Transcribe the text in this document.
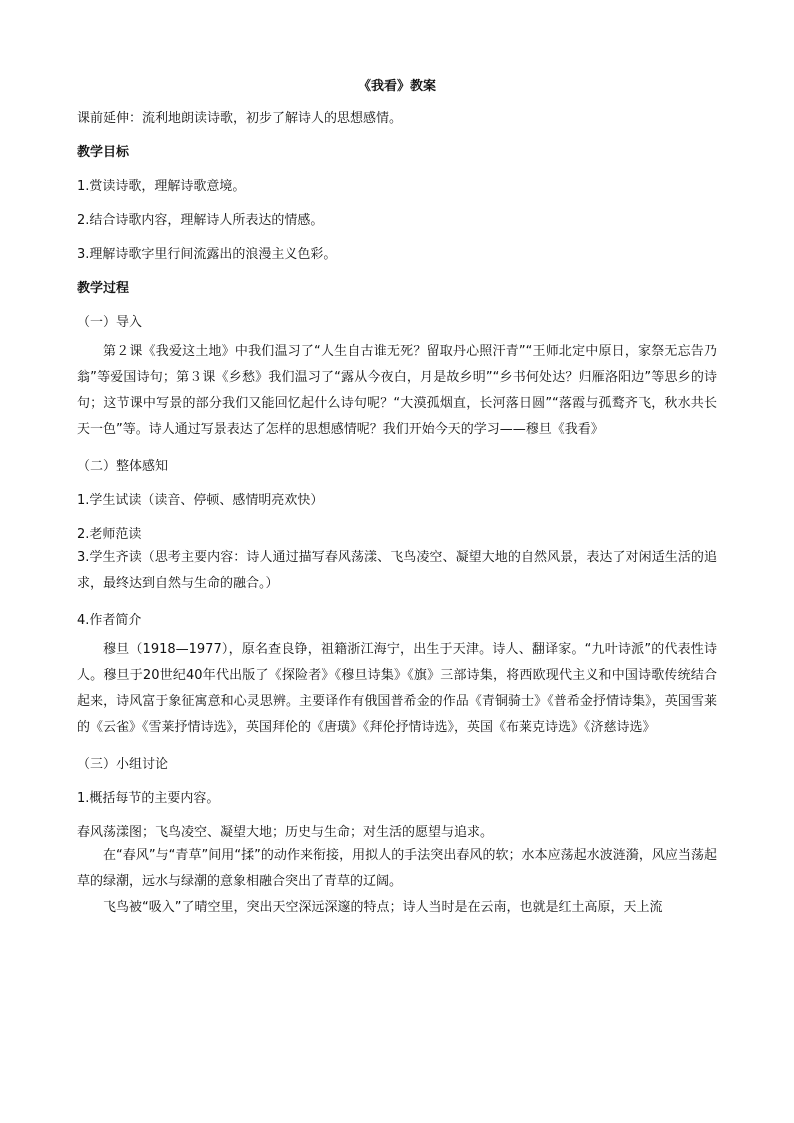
《我看》教案

课前延伸：流利地朗读诗歌，初步了解诗人的思想感情。

教学目标

1.赏读诗歌，理解诗歌意境。

2.结合诗歌内容，理解诗人所表达的情感。

3.理解诗歌字里行间流露出的浪漫主义色彩。

教学过程

（一）导入

第２课《我爱这土地》中我们温习了“人生自古谁无死？留取丹心照汗青”“王师北定中原日，家祭无忘告乃翁”等爱国诗句；第３课《乡愁》我们温习了“露从今夜白，月是故乡明”“乡书何处达？归雁洛阳边”等思乡的诗句；这节课中写景的部分我们又能回忆起什么诗句呢？“大漠孤烟直，长河落日圆”“落霞与孤鹜齐飞，秋水共长天一色”等。诗人通过写景表达了怎样的思想感情呢？我们开始今天的学习——穆旦《我看》

（二）整体感知

1.学生试读（读音、停顿、感情明亮欢快）

2.老师范读

3.学生齐读（思考主要内容：诗人通过描写春风荡漾、飞鸟凌空、凝望大地的自然风景，表达了对闲适生活的追求，最终达到自然与生命的融合。）

4.作者简介

穆旦（1918—1977），原名查良铮，祖籍浙江海宁，出生于天津。诗人、翻译家。“九叶诗派”的代表性诗人。穆旦于20世纪40年代出版了《探险者》《穆旦诗集》《旗》三部诗集，将西欧现代主义和中国诗歌传统结合起来，诗风富于象征寓意和心灵思辨。主要译作有俄国普希金的作品《青铜骑士》《普希金抒情诗集》，英国雪莱的《云雀》《雪莱抒情诗选》，英国拜伦的《唐璜》《拜伦抒情诗选》，英国《布莱克诗选》《济慈诗选》

（三）小组讨论

1.概括每节的主要内容。

春风荡漾图；飞鸟凌空、凝望大地；历史与生命；对生活的愿望与追求。

在“春风”与“青草”间用“揉”的动作来衔接，用拟人的手法突出春风的软；水本应荡起水波涟漪，风应当荡起草的绿潮，远水与绿潮的意象相融合突出了青草的辽阔。

飞鸟被“吸入”了晴空里，突出天空深远深邃的特点；诗人当时是在云南，也就是红土高原，天上流
